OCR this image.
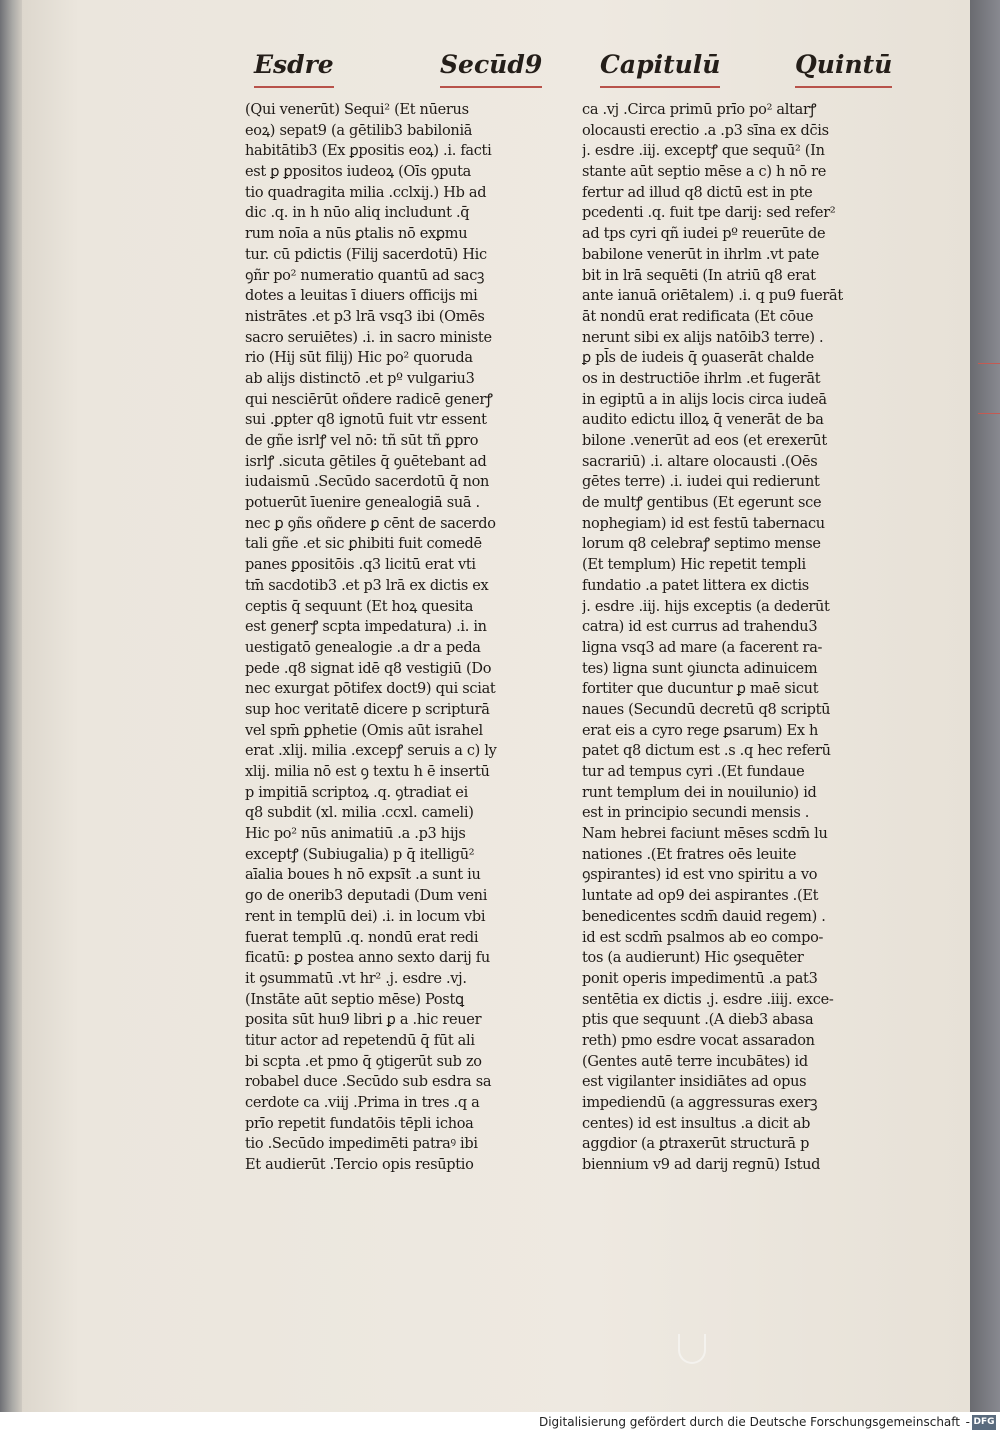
Esdre	Secūd9 Capitulū	Quintū
(Qui venerūt) Sequi² (Et nūerus
eoꝝ) sepat9 (a gētilib3 babiloniā
habitātib3 (Ex ꝑpositis eoꝝ) .i. facti
est ꝑ ꝑpositos iudeoꝝ (Oīs ꝯputa
tio quadragita milia .cclxij.) Hb ad
dic .q. in h nūo aliq includunt .q̄
rum noīa a nūs ꝑtalis nō exꝑmu
tur. cū pdictis (Filij sacerdotū) Hic
ꝯñr po² numeratio quantū ad sacꝫ
dotes a leuitas ī diuers officijs mi
nistrātes .et p3 lrā vsq3 ibi (Omēs
sacro seruiētes) .i. in sacro ministe
rio (Hij sūt filij) Hic po² quoruda
ab alijs distinctō .et pº vulgariu3
qui nesciērūt oñdere radicē generꝭ
sui .ꝑpter q8 ignotū fuit vtr essent
de gñe isrlꝭ vel nō: tñ sūt tñ ꝑpro
isrlꝭ .sicuta gētiles q̄ ꝯuētebant ad
iudaismū .Secūdo sacerdotū q̄ non
potuerūt īuenire genealogiā suā .
nec ꝑ ꝯñs oñdere ꝑ cēnt de sacerdo
tali gñe .et sic ꝑhibiti fuit comedē
panes ꝑpositōis .q3 licitū erat vti
tm̄ sacdotib3 .et p3 lrā ex dictis ex
ceptis q̄ sequunt (Et hoꝝ quesita
est generꝭ scpta impedatura) .i. in
uestigatō genealogie .a dr a peda
pede .q8 signat idē q8 vestigiū (Do
nec exurgat pōtifex doct9) qui sciat
sup hoc veritatē dicere p scripturā
vel spm̄ ꝑphetie (Omis aūt israhel
erat .xlij. milia .excepꝭ seruis a c) ly
xlij. milia nō est ꝯ textu h ē insertū
p impitiā scriptoꝝ .q. ꝯtradiat ei
q8 subdit (xl. milia .ccxl. cameli)
Hic po² nūs animatiū .a .p3 hijs
exceptꝭ (Subiugalia) p q̄ itelligū²
aīalia boues h nō expsīt .a sunt iu
go de onerib3 deputadi (Dum veni
rent in templū dei) .i. in locum vbi
fuerat templū .q. nondū erat redi
ficatū: ꝑ postea anno sexto darij fu
it ꝯsummatū .vt hr² .j. esdre .vj.
(Instāte aūt septio mēse) Postꝗ
posita sūt huı9 libri ꝑ a .hic reuer
titur actor ad repetendū q̄ fūt ali
bi scpta .et pmo q̄ ꝯtigerūt sub zo
robabel duce .Secūdo sub esdra sa
cerdote ca .viij .Prima in tres .q a
prīo repetit fundatōis tēpli ichoa
tio .Secūdo impedimēti patraꝰ ibi
Et audierūt .Tercio opis resūptio
ca .vj .Circa primū prīo po² altarꝭ
olocausti erectio .a .p3 sīna ex dc̄is
j. esdre .iij. exceptꝭ que sequū² (In
stante aūt septio mēse a c) h nō re
fertur ad illud q8 dictū est in pte
pcedenti .q. fuit tpe darij: sed refer²
ad tps cyri qñ iudei pº reuerūte de
babilone venerūt in ihrlm .vt pate
bit in lrā sequēti (In atriū q8 erat
ante ianuā oriētalem) .i. q pu9 fuerāt
āt nondū erat redificata (Et cōue
nerunt sibi ex alijs natōib3 terre) .
ꝑ pl̄s de iudeis q̄ ꝯuaserāt chalde
os in destructiōe ihrlm .et fugerāt
in egiptū a in alijs locis circa iudeā
audito edictu illoꝝ q̄ venerāt de ba
bilone .venerūt ad eos (et erexerūt
sacrariū) .i. altare olocausti .(Oēs
gētes terre) .i. iudei qui redierunt
de multꝭ gentibus (Et egerunt sce
nophegiam) id est festū tabernacu
lorum q8 celebraꝭ septimo mense
(Et templum) Hic repetit templi
fundatio .a patet littera ex dictis
j. esdre .iij. hijs exceptis (a dederūt
catra) id est currus ad trahendu3
ligna vsq3 ad mare (a facerent ra-
tes) ligna sunt ꝯiuncta adinuicem
fortiter que ducuntur ꝑ maē sicut
naues (Secundū decretū q8 scriptū
erat eis a cyro rege ꝑsarum) Ex h
patet q8 dictum est .s .q hec referū
tur ad tempus cyri .(Et fundaue
runt templum dei in nouilunio) id
est in principio secundi mensis .
Nam hebrei faciunt mēses scdm̄ lu
nationes .(Et fratres oēs leuite
ꝯspirantes) id est vno spiritu a vo
luntate ad op9 dei aspirantes .(Et
benedicentes scdm̄ dauid regem) .
id est scdm̄ psalmos ab eo compo-
tos (a audierunt) Hic ꝯsequēter
ponit operis impedimentū .a pat3
sentētia ex dictis .j. esdre .iiij. exce-
ptis que sequunt .(A dieb3 abasa
reth) pmo esdre vocat assaradon
(Gentes autē terre incubātes) id
est vigilanter insidiātes ad opus
impediendū (a aggressuras exerꝫ
centes) id est insultus .a dicit ab
aggdior (a ꝑtraxerūt structurā p
biennium v9 ad darij regnū) Istud
Digitalisierung gefördert durch die Deutsche Forschungsgemeinschaft - DFG
